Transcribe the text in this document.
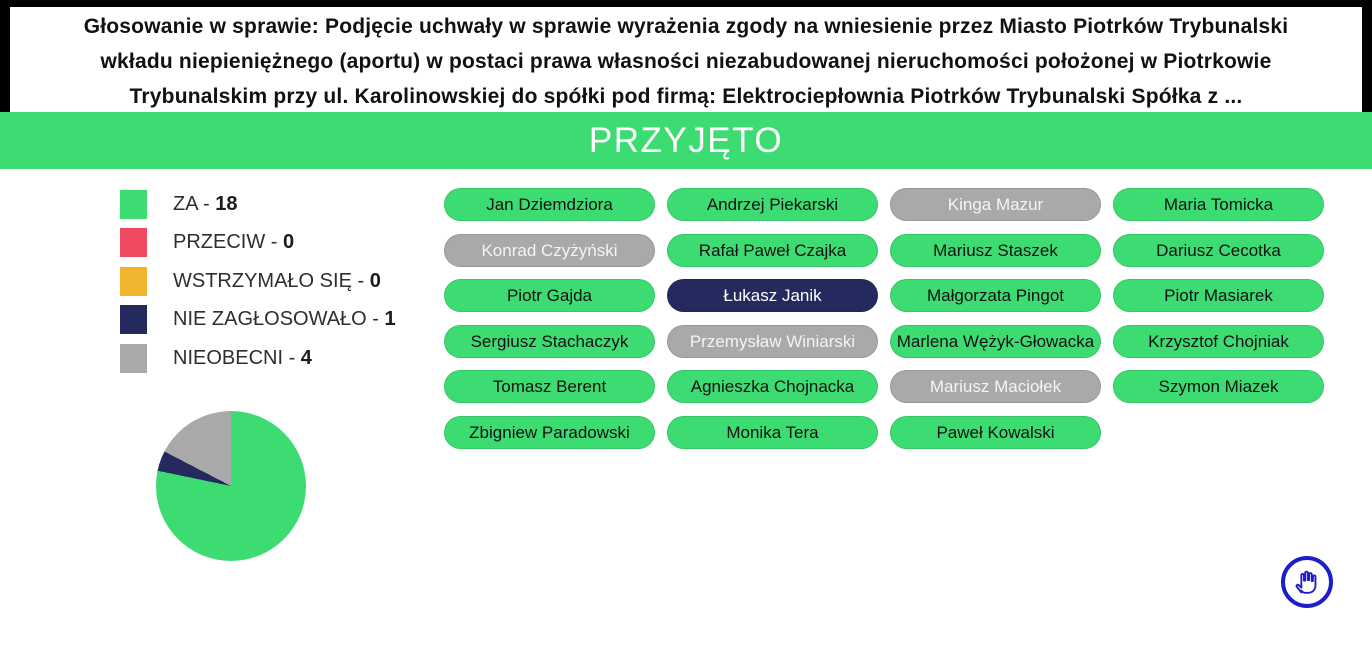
Głosowanie w sprawie: Podjęcie uchwały w sprawie wyrażenia zgody na wniesienie przez Miasto Piotrków Trybunalski
wkładu niepieniężnego (aportu) w postaci prawa własności niezabudowanej nieruchomości położonej w Piotrkowie
Trybunalskim przy ul. Karolinowskiej do spółki pod firmą: Elektrociepłownia Piotrków Trybunalski Spółka z ...
PRZYJĘTO
ZA - 18
PRZECIW - 0
WSTRZYMAŁO SIĘ - 0
NIE ZAGŁOSOWAŁO - 1
NIEOBECNI - 4
Jan Dziemdziora	Andrzej Piekarski	Kinga Mazur	Maria Tomicka
Konrad Czyżyński	Rafał Paweł Czajka	Mariusz Staszek	Dariusz Cecotka
Piotr Gajda	Łukasz Janik	Małgorzata Pingot	Piotr Masiarek
Sergiusz Stachaczyk	Przemysław Winiarski	Marlena Wężyk-Głowacka	Krzysztof Chojniak
Tomasz Berent	Agnieszka Chojnacka	Mariusz Maciołek	Szymon Miazek
Zbigniew Paradowski	Monika Tera	Paweł Kowalski
